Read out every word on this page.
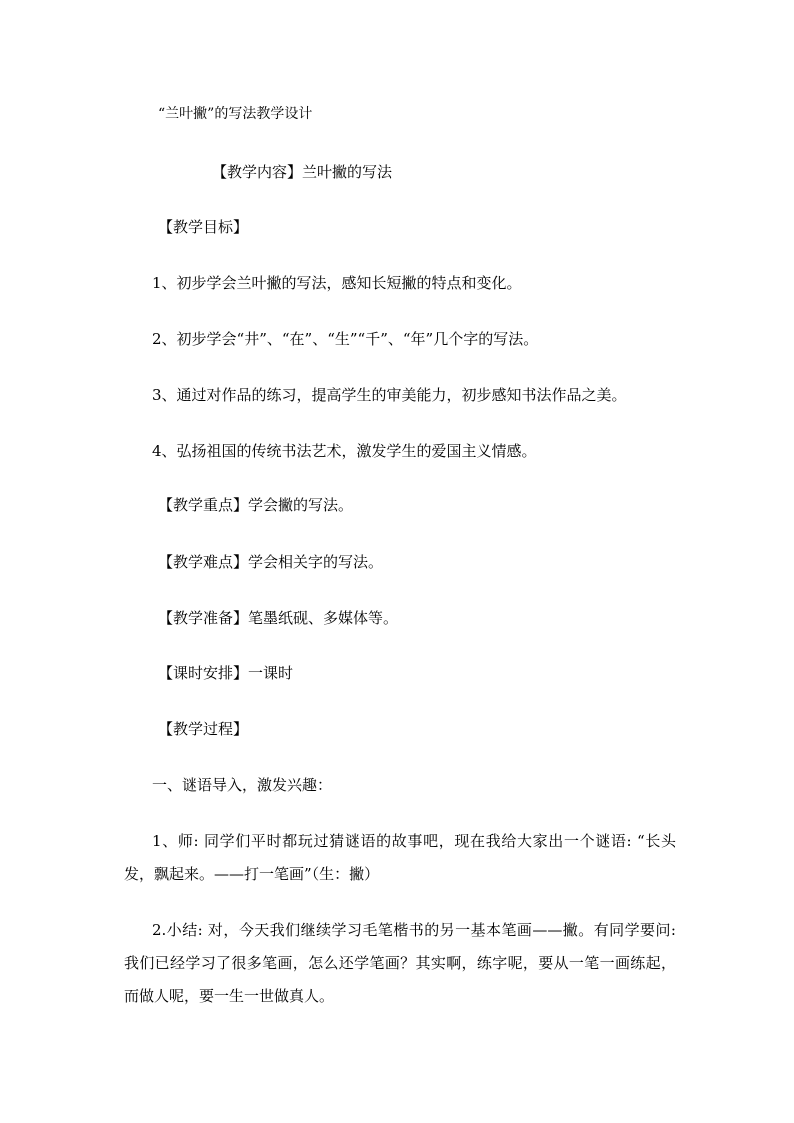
“兰叶撇”的写法教学设计
【教学内容】兰叶撇的写法
【教学目标】
1、初步学会兰叶撇的写法，感知长短撇的特点和变化。
2、初步学会“井”、“在”、“生”“千”、“年”几个字的写法。
3、通过对作品的练习，提高学生的审美能力，初步感知书法作品之美。
4、弘扬祖国的传统书法艺术，激发学生的爱国主义情感。
【教学重点】学会撇的写法。
【教学难点】学会相关字的写法。
【教学准备】笔墨纸砚、多媒体等。
【课时安排】一课时
【教学过程】
一、谜语导入，激发兴趣：
1、师: 同学们平时都玩过猜谜语的故事吧，现在我给大家出一个谜语: “长头发，飘起来。——打一笔画”（生：撇）
2.小结: 对，今天我们继续学习毛笔楷书的另一基本笔画——撇。有同学要问: 我们已经学习了很多笔画，怎么还学笔画？其实啊，练字呢，要从一笔一画练起，而做人呢，要一生一世做真人。
